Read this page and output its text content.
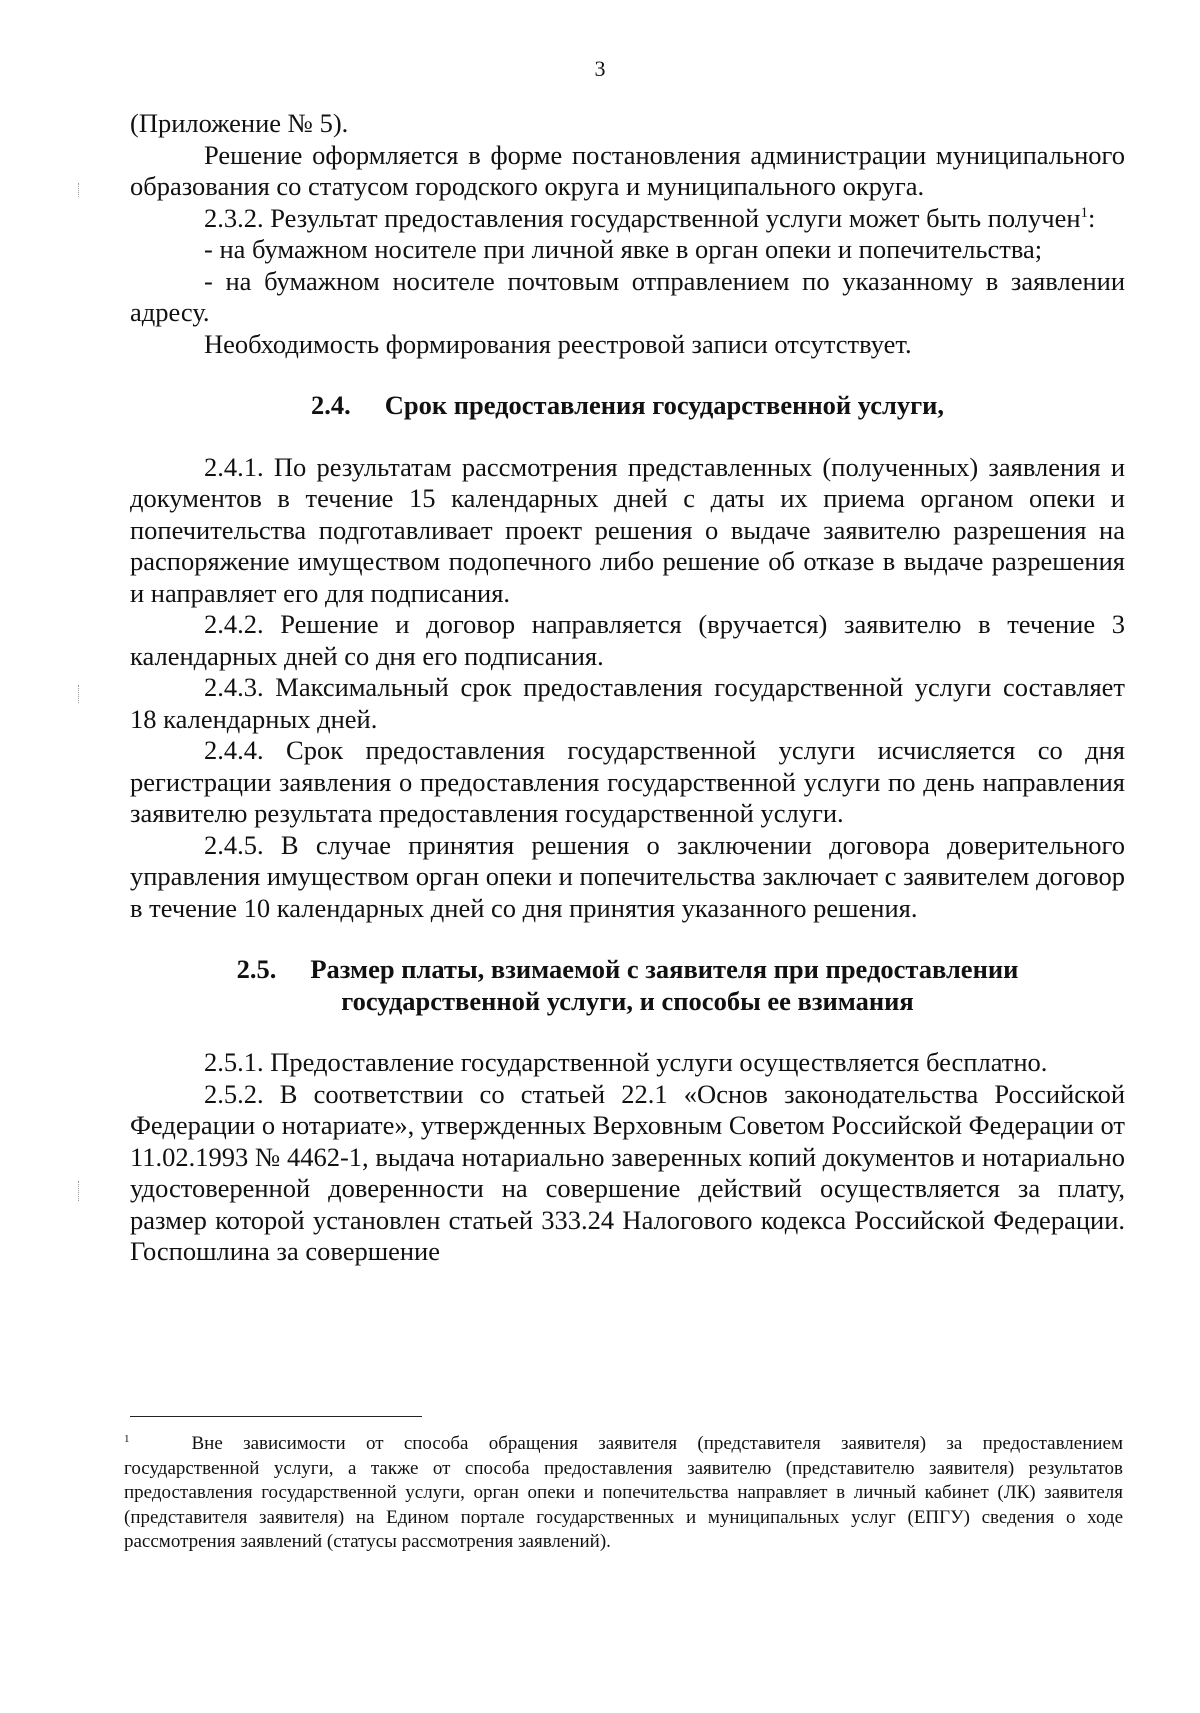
3

(Приложение № 5).

Решение оформляется в форме постановления администрации муниципального образования со статусом городского округа и муниципального округа.

2.3.2. Результат предоставления государственной услуги может быть получен$^1$:

- на бумажном носителе при личной явке в орган опеки и попечительства;

- на бумажном носителе почтовым отправлением по указанному в заявлении адресу.

Необходимость формирования реестровой записи отсутствует.

2.4. Срок предоставления государственной услуги,

2.4.1. По результатам рассмотрения представленных (полученных) заявления и документов в течение 15 календарных дней с даты их приема органом опеки и попечительства подготавливает проект решения о выдаче заявителю разрешения на распоряжение имуществом подопечного либо решение об отказе в выдаче разрешения и направляет его для подписания.

2.4.2. Решение и договор направляется (вручается) заявителю в течение 3 календарных дней со дня его подписания.

2.4.3. Максимальный срок предоставления государственной услуги составляет 18 календарных дней.

2.4.4. Срок предоставления государственной услуги исчисляется со дня регистрации заявления о предоставления государственной услуги по день направления заявителю результата предоставления государственной услуги.

2.4.5. В случае принятия решения о заключении договора доверительного управления имуществом орган опеки и попечительства заключает с заявителем договор в течение 10 календарных дней со дня принятия указанного решения.

2.5. Размер платы, взимаемой с заявителя при предоставлении
государственной услуги, и способы ее взимания

2.5.1. Предоставление государственной услуги осуществляется бесплатно.

2.5.2. В соответствии со статьей 22.1 «Основ законодательства Российской Федерации о нотариате», утвержденных Верховным Советом Российской Федерации от 11.02.1993 № 4462-1, выдача нотариально заверенных копий документов и нотариально удостоверенной доверенности на совершение действий осуществляется за плату, размер которой установлен статьей 333.24 Налогового кодекса Российской Федерации. Госпошлина за совершение

$^1$	Вне зависимости от способа обращения заявителя (представителя заявителя) за предоставлением государственной услуги, а также от способа предоставления заявителю (представителю заявителя) результатов предоставления государственной услуги, орган опеки и попечительства направляет в личный кабинет (ЛК) заявителя (представителя заявителя) на Едином портале государственных и муниципальных услуг (ЕПГУ) сведения о ходе рассмотрения заявлений (статусы рассмотрения заявлений).
